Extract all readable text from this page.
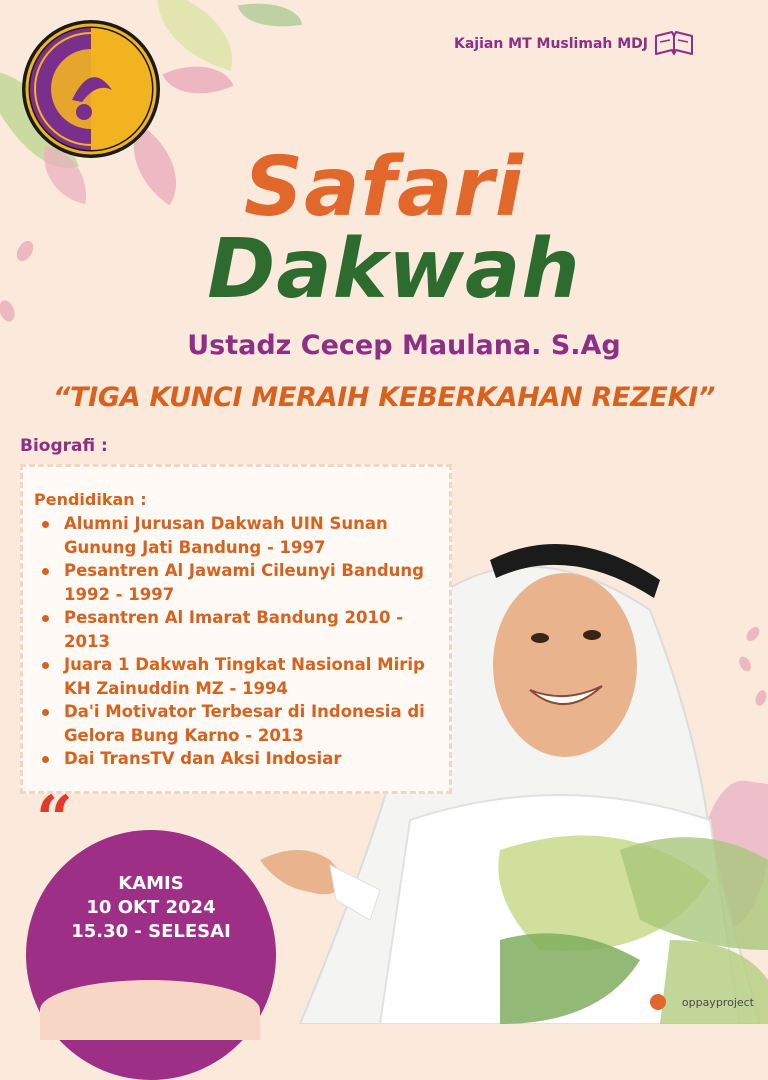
Kajian MT Muslimah MDJ
Safari
Dakwah
Ustadz Cecep Maulana. S.Ag
“TIGA KUNCI MERAIH KEBERKAHAN REZEKI”
Biografi :
Pendidikan :
Alumni Jurusan Dakwah UIN Sunan Gunung Jati Bandung - 1997
Pesantren Al Jawami Cileunyi Bandung 1992 - 1997
Pesantren Al Imarat Bandung 2010 - 2013
Juara 1 Dakwah Tingkat Nasional Mirip KH Zainuddin MZ - 1994
Da'i Motivator Terbesar di Indonesia di Gelora Bung Karno - 2013
Dai TransTV dan Aksi Indosiar
“
KAMIS
10 OKT 2024
15.30 - SELESAI
oppayproject
